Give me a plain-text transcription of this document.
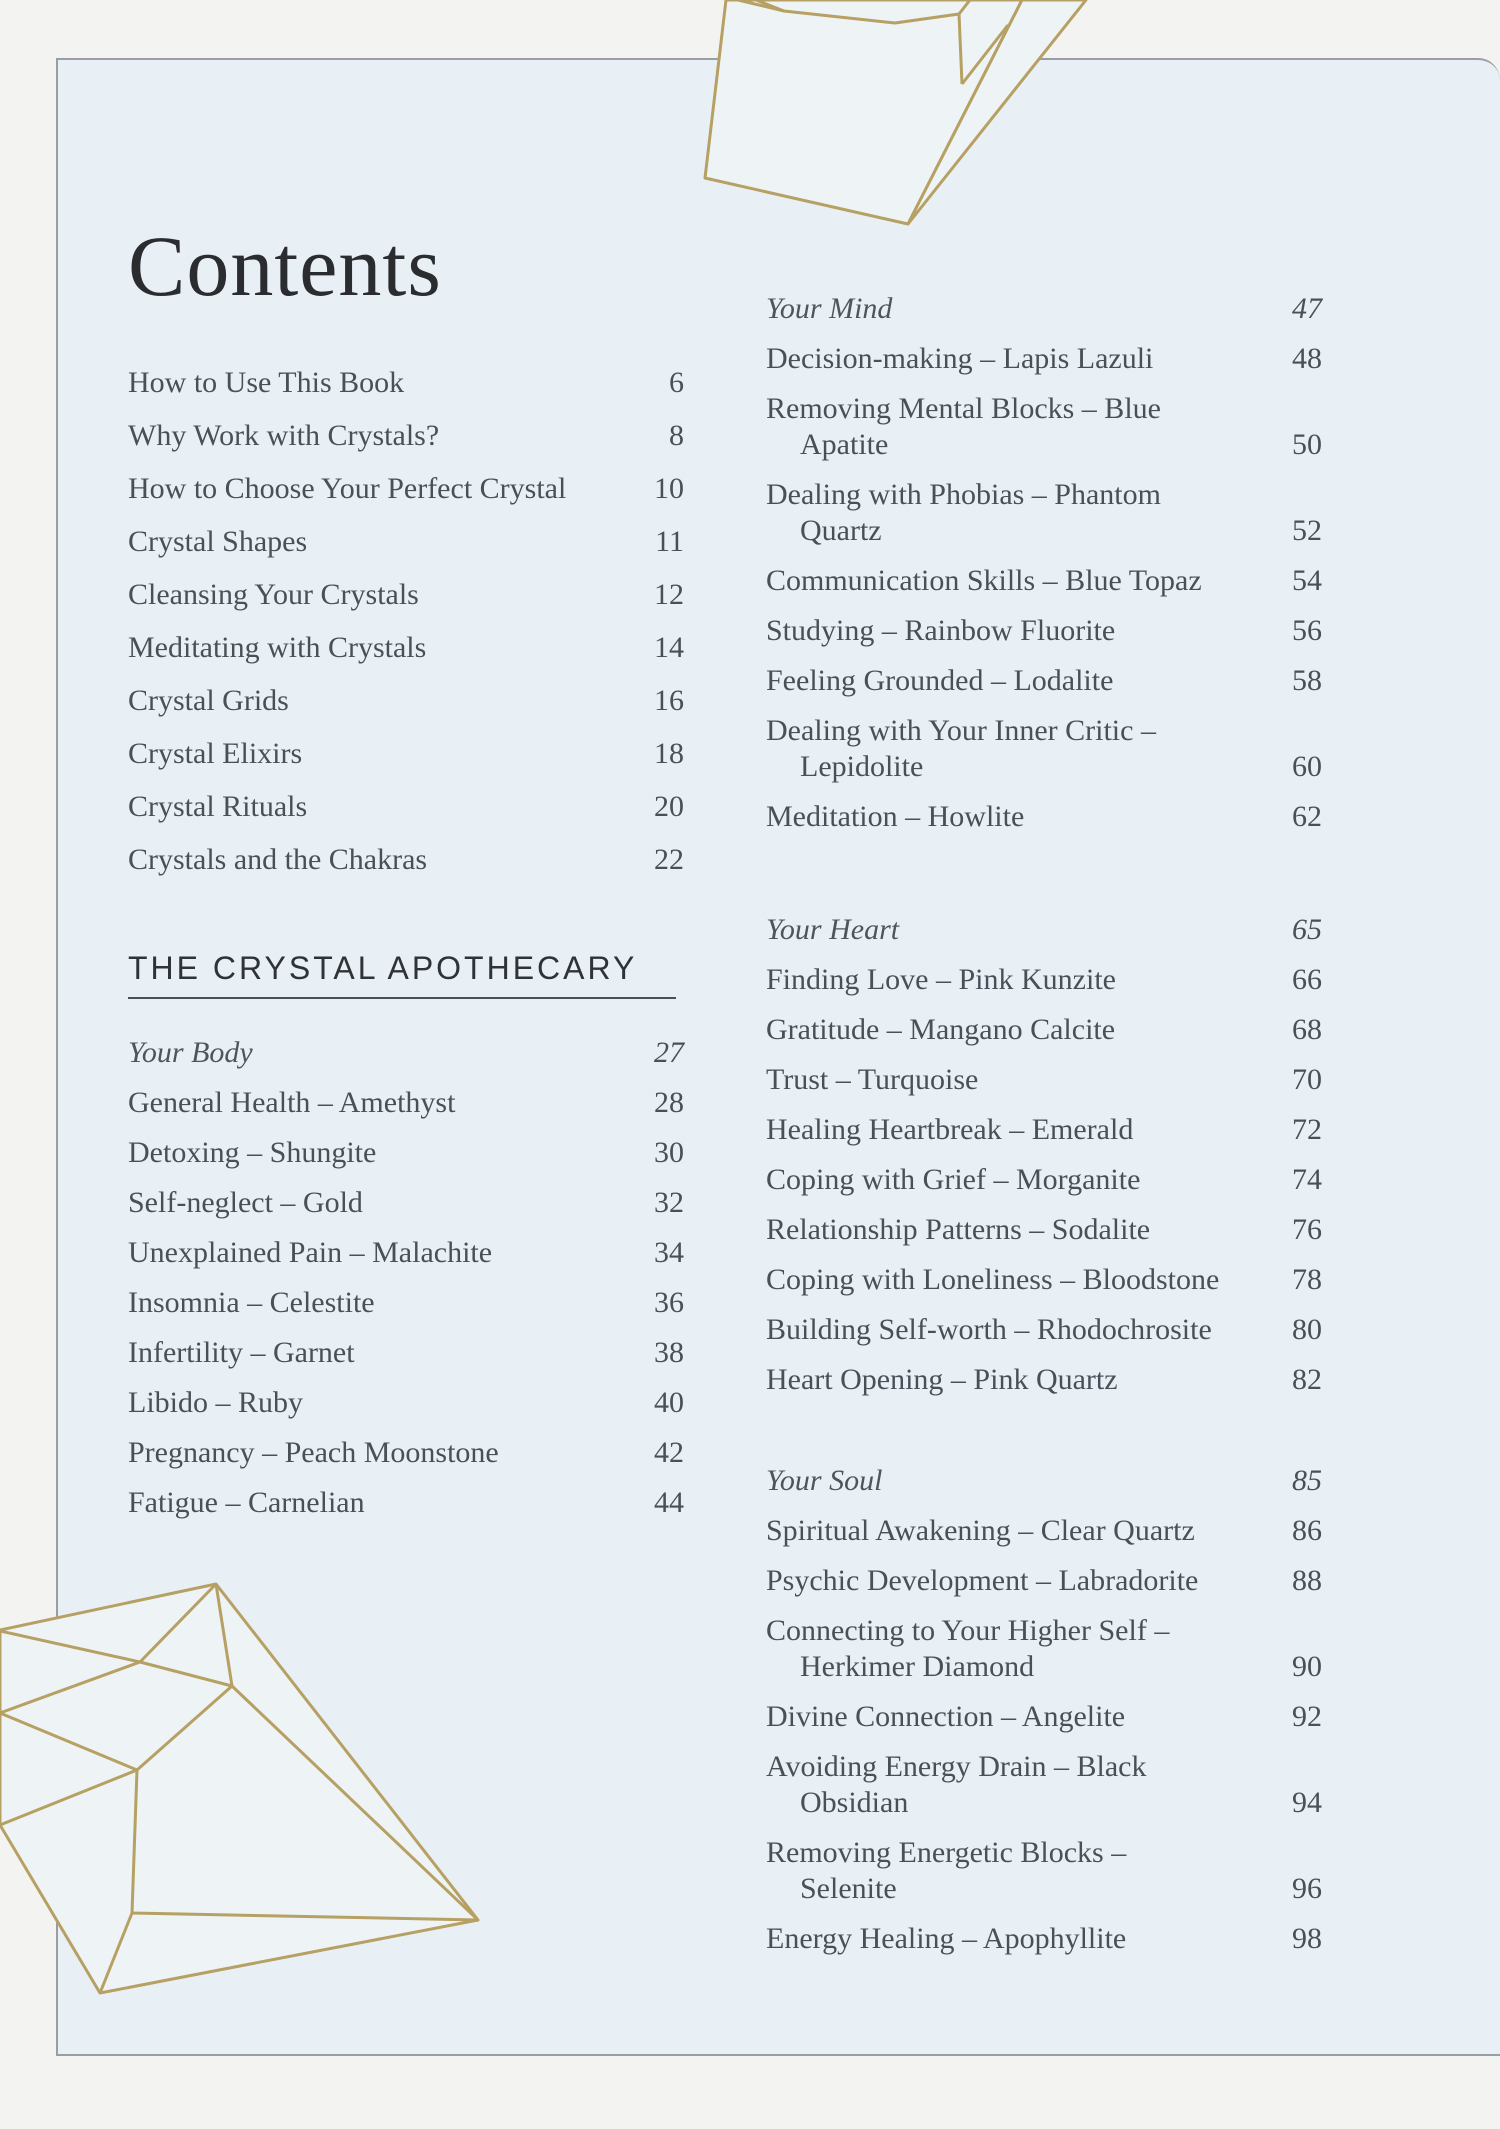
Contents
How to Use This Book	6
Why Work with Crystals?	8
How to Choose Your Perfect Crystal	10
Crystal Shapes	11
Cleansing Your Crystals	12
Meditating with Crystals	14
Crystal Grids	16
Crystal Elixirs	18
Crystal Rituals	20
Crystals and the Chakras	22
THE CRYSTAL APOTHECARY
Your Body	27
General Health – Amethyst	28
Detoxing – Shungite	30
Self-neglect – Gold	32
Unexplained Pain – Malachite	34
Insomnia – Celestite	36
Infertility – Garnet	38
Libido – Ruby	40
Pregnancy – Peach Moonstone	42
Fatigue – Carnelian	44
Your Mind	47
Decision-making – Lapis Lazuli	48
Removing Mental Blocks – Blue
Apatite	50
Dealing with Phobias – Phantom
Quartz	52
Communication Skills – Blue Topaz	54
Studying – Rainbow Fluorite	56
Feeling Grounded – Lodalite	58
Dealing with Your Inner Critic –
Lepidolite	60
Meditation – Howlite	62
Your Heart	65
Finding Love – Pink Kunzite	66
Gratitude – Mangano Calcite	68
Trust – Turquoise	70
Healing Heartbreak – Emerald	72
Coping with Grief – Morganite	74
Relationship Patterns – Sodalite	76
Coping with Loneliness – Bloodstone	78
Building Self-worth – Rhodochrosite	80
Heart Opening – Pink Quartz	82
Your Soul	85
Spiritual Awakening – Clear Quartz	86
Psychic Development – Labradorite	88
Connecting to Your Higher Self –
Herkimer Diamond	90
Divine Connection – Angelite	92
Avoiding Energy Drain – Black
Obsidian	94
Removing Energetic Blocks –
Selenite	96
Energy Healing – Apophyllite	98
